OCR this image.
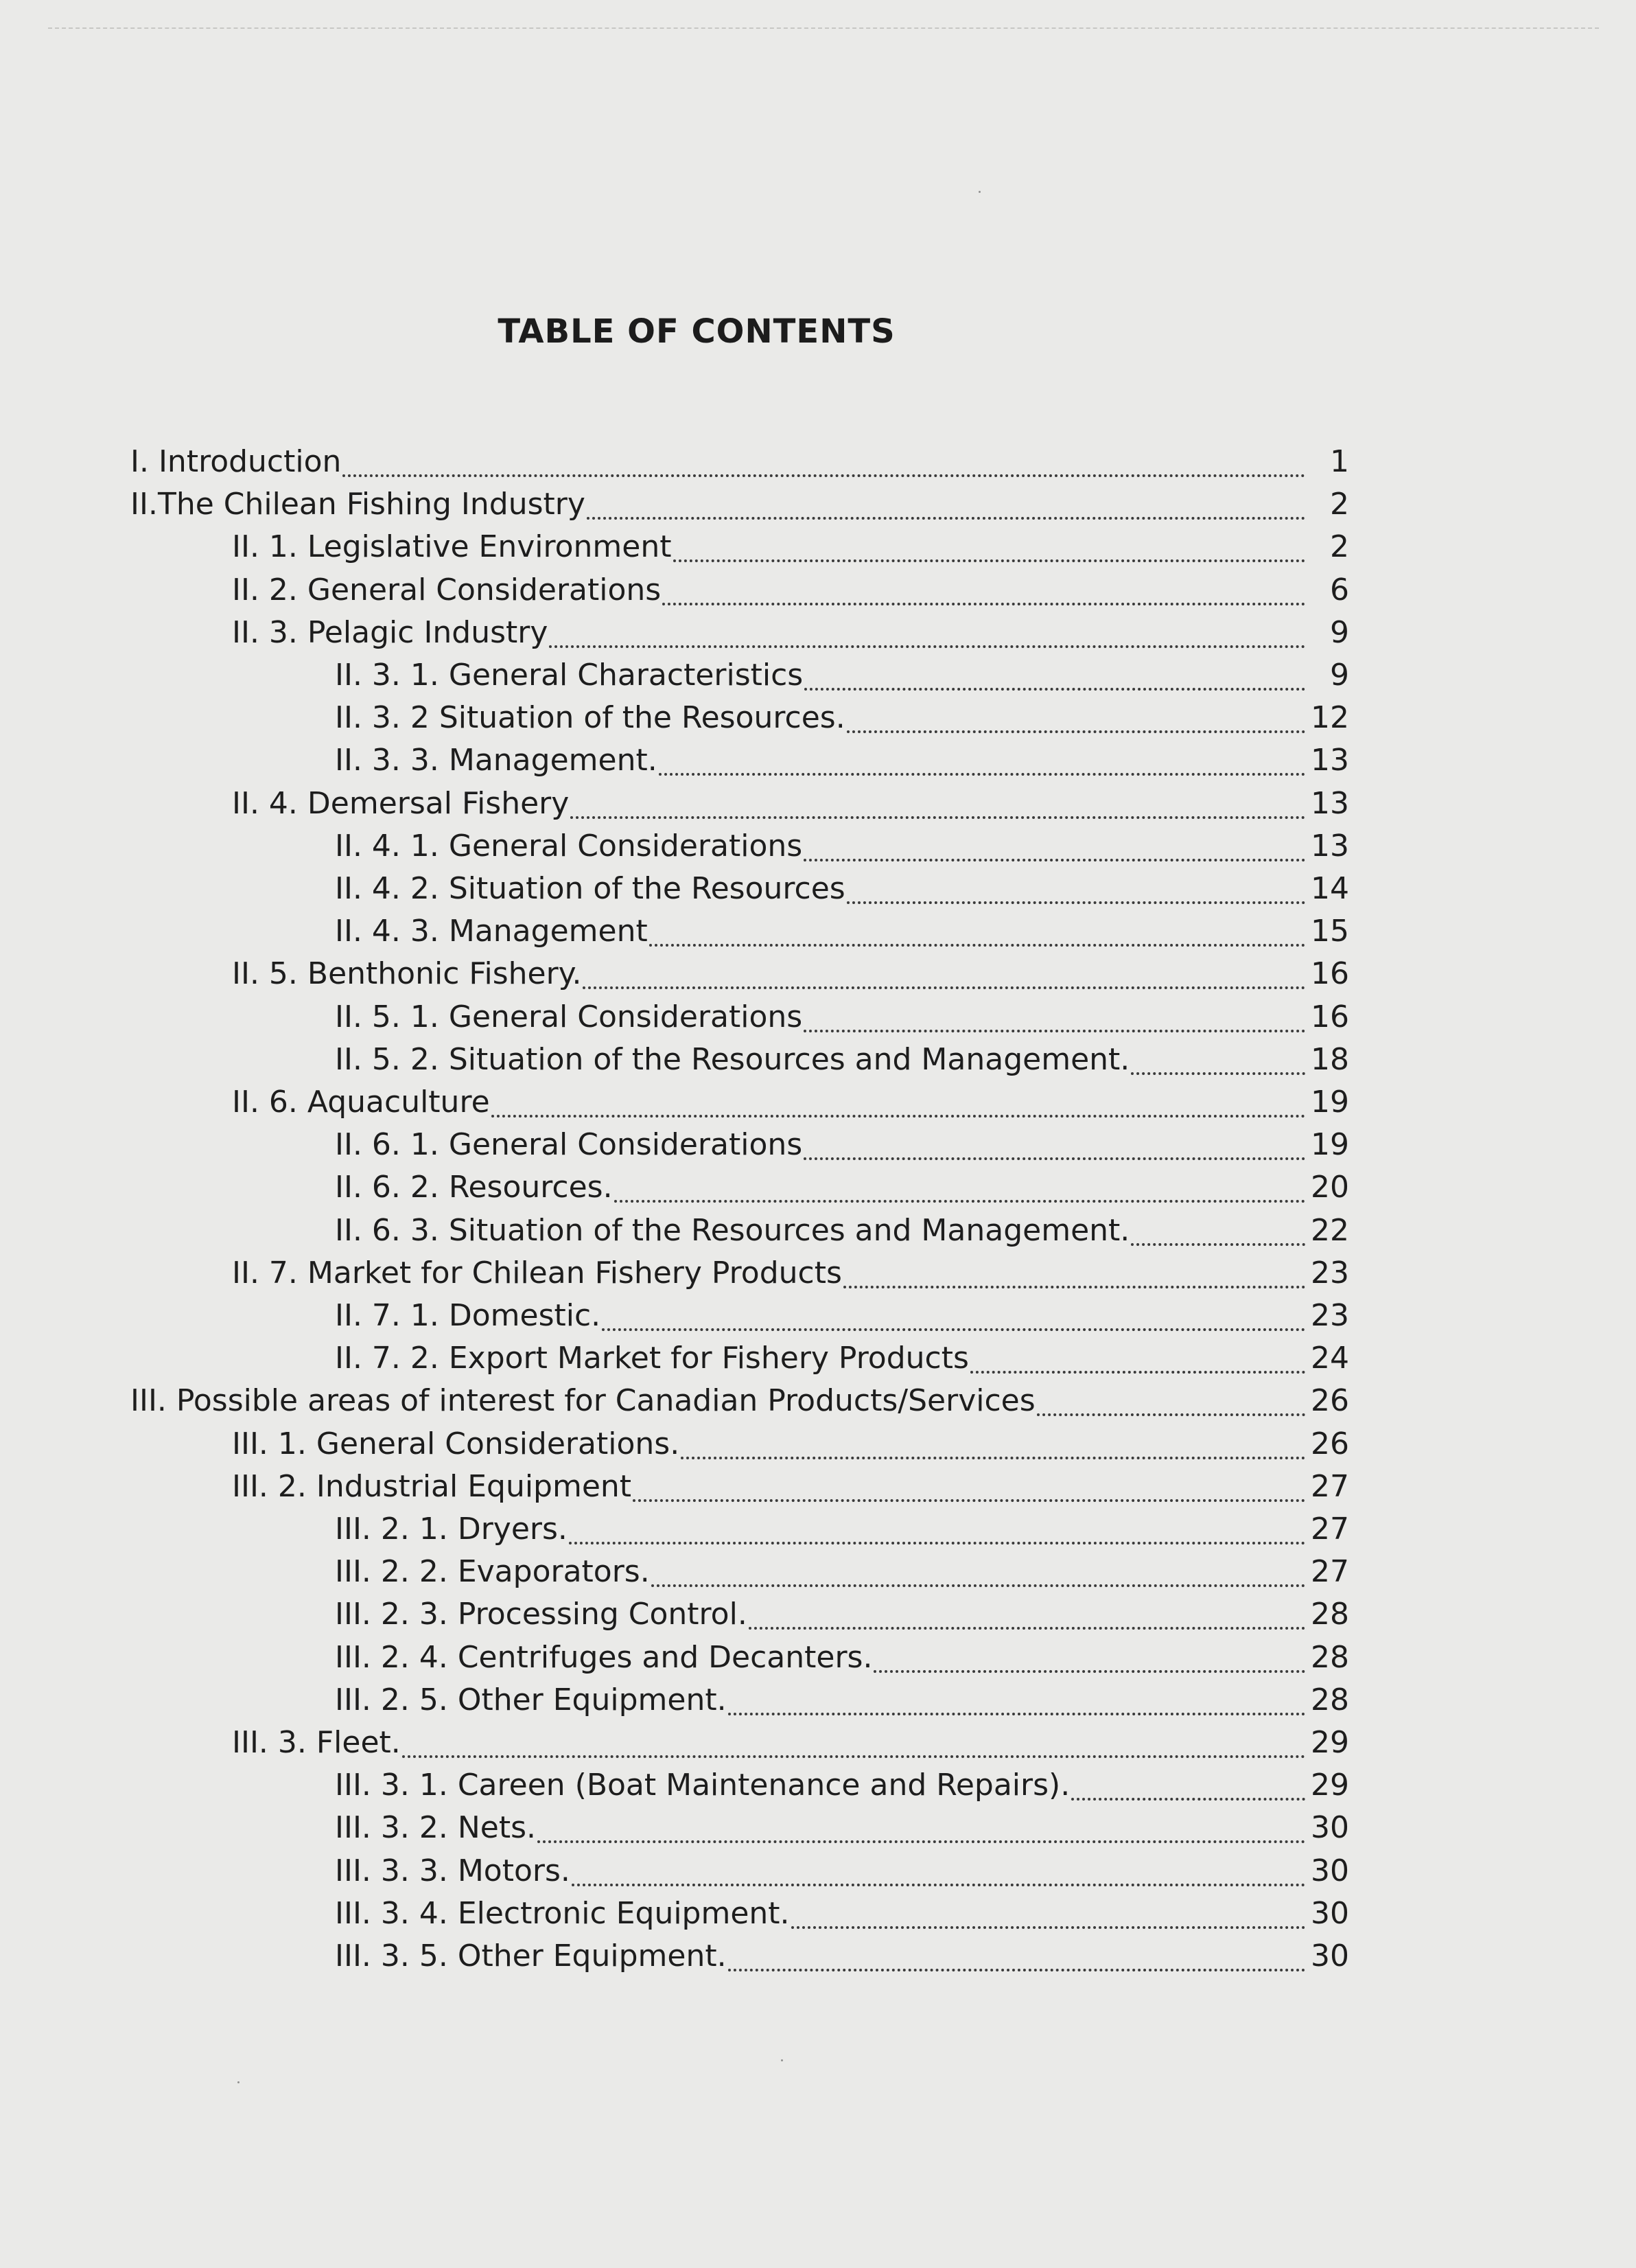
TABLE OF CONTENTS
I. Introduction	1
II.The Chilean Fishing Industry	2
II. 1. Legislative Environment	2
II. 2. General Considerations	6
II. 3. Pelagic Industry	9
II. 3. 1. General Characteristics	9
II. 3. 2 Situation of the Resources.	12
II. 3. 3. Management.	13
II. 4. Demersal Fishery	13
II. 4. 1. General Considerations	13
II. 4. 2. Situation of the Resources	14
II. 4. 3. Management	15
II. 5. Benthonic Fishery.	16
II. 5. 1. General Considerations	16
II. 5. 2. Situation of the Resources and Management.	18
II. 6. Aquaculture	19
II. 6. 1. General Considerations	19
II. 6. 2. Resources.	20
II. 6. 3. Situation of the Resources and Management.	22
II. 7. Market for Chilean Fishery Products	23
II. 7. 1. Domestic.	23
II. 7. 2. Export Market for Fishery Products	24
III. Possible areas of interest for Canadian Products/Services	26
III. 1. General Considerations.	26
III. 2. Industrial Equipment	27
III. 2. 1. Dryers.	27
III. 2. 2. Evaporators.	27
III. 2. 3. Processing Control.	28
III. 2. 4. Centrifuges and Decanters.	28
III. 2. 5. Other Equipment.	28
III. 3. Fleet.	29
III. 3. 1. Careen (Boat Maintenance and Repairs).	29
III. 3. 2. Nets.	30
III. 3. 3. Motors.	30
III. 3. 4. Electronic Equipment.	30
III. 3. 5. Other Equipment.	30
